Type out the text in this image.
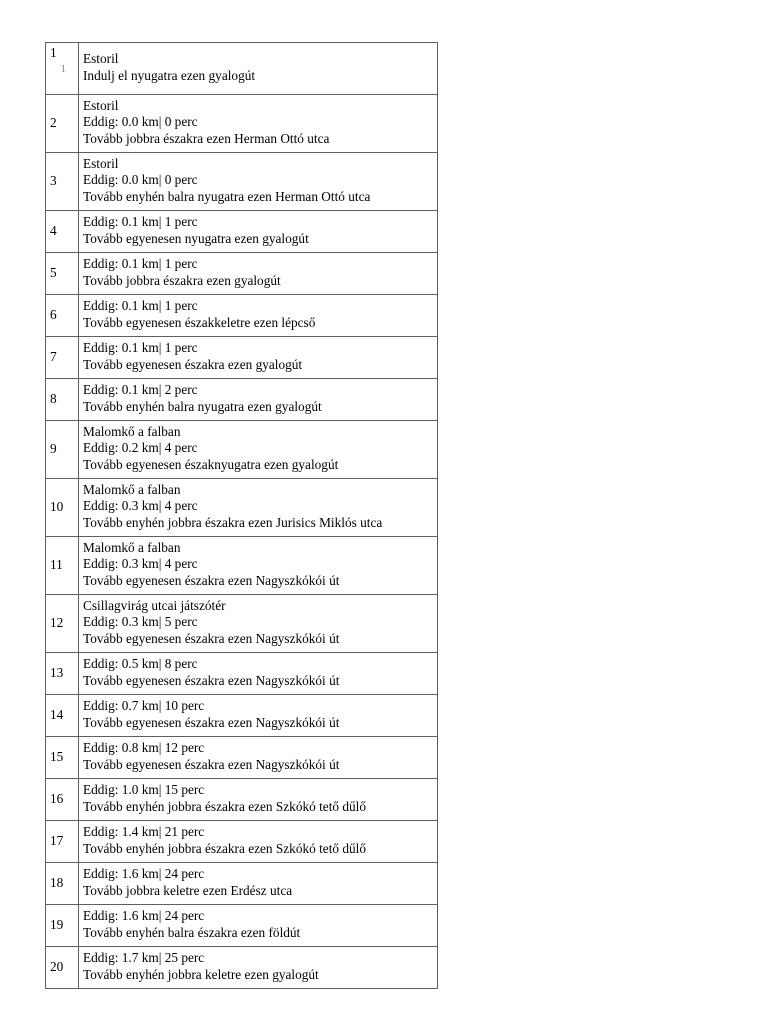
1
1	Estoril
Indulj el nyugatra ezen gyalogút

2	Estoril
Eddig: 0.0 km| 0 perc
Tovább jobbra északra ezen Herman Ottó utca

3	Estoril
Eddig: 0.0 km| 0 perc
Tovább enyhén balra nyugatra ezen Herman Ottó utca

4	Eddig: 0.1 km| 1 perc
Tovább egyenesen nyugatra ezen gyalogút

5	Eddig: 0.1 km| 1 perc
Tovább jobbra északra ezen gyalogút

6	Eddig: 0.1 km| 1 perc
Tovább egyenesen északkeletre ezen lépcső

7	Eddig: 0.1 km| 1 perc
Tovább egyenesen északra ezen gyalogút

8	Eddig: 0.1 km| 2 perc
Tovább enyhén balra nyugatra ezen gyalogút

9	Malomkő a falban
Eddig: 0.2 km| 4 perc
Tovább egyenesen északnyugatra ezen gyalogút

10	Malomkő a falban
Eddig: 0.3 km| 4 perc
Tovább enyhén jobbra északra ezen Jurisics Miklós utca

11	Malomkő a falban
Eddig: 0.3 km| 4 perc
Tovább egyenesen északra ezen Nagyszkókói út

12	Csillagvirág utcai játszótér
Eddig: 0.3 km| 5 perc
Tovább egyenesen északra ezen Nagyszkókói út

13	Eddig: 0.5 km| 8 perc
Tovább egyenesen északra ezen Nagyszkókói út

14	Eddig: 0.7 km| 10 perc
Tovább egyenesen északra ezen Nagyszkókói út

15	Eddig: 0.8 km| 12 perc
Tovább egyenesen északra ezen Nagyszkókói út

16	Eddig: 1.0 km| 15 perc
Tovább enyhén jobbra északra ezen Szkókó tető dűlő

17	Eddig: 1.4 km| 21 perc
Tovább enyhén jobbra északra ezen Szkókó tető dűlő

18	Eddig: 1.6 km| 24 perc
Tovább jobbra keletre ezen Erdész utca

19	Eddig: 1.6 km| 24 perc
Tovább enyhén balra északra ezen földút

20	Eddig: 1.7 km| 25 perc
Tovább enyhén jobbra keletre ezen gyalogút
